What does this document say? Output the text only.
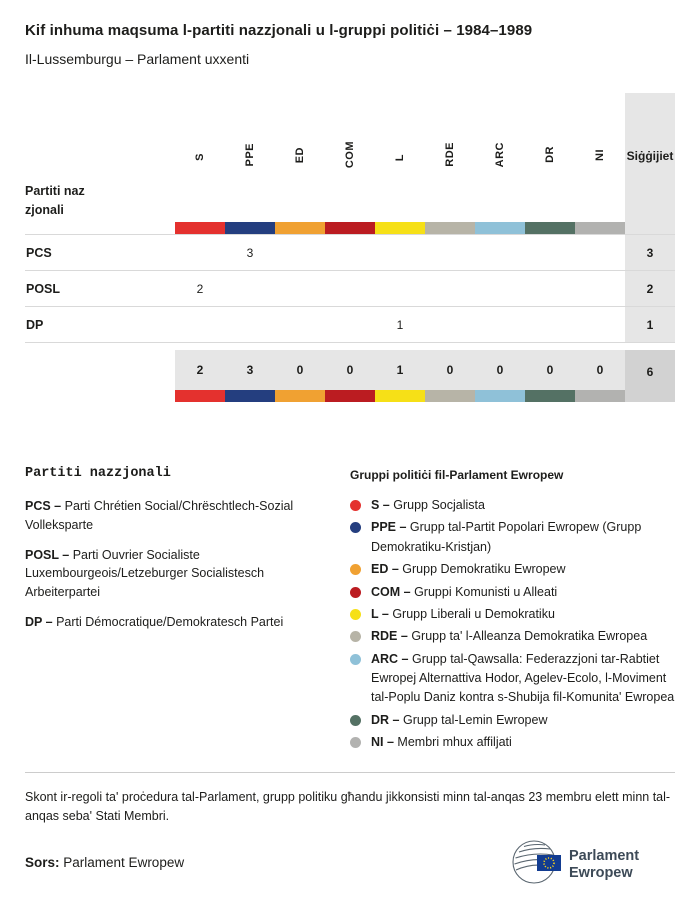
Kif inhuma maqsuma l-partiti nazzjonali u l-gruppi politiċi – 1984–1989
Il-Lussemburgu – Parlament uxxenti
Partiti nazzjonali	S	PPE	ED	COM	L	RDE	ARC	DR	NI	Siġġijiet

PCS		3								3
POSL	2									2
DP					1					1

	2	3	0	0	1	0	0	0	0	6

Partiti nazzjonali
PCS – Parti Chrétien Social/Chrëschtlech-Sozial Volleksparte
POSL – Parti Ouvrier Socialiste Luxembourgeois/Letzeburger Socialistesch Arbeiterpartei
DP – Parti Démocratique/Demokratesch Partei
Gruppi politiċi fil-Parlament Ewropew
S – Grupp Socjalista
PPE – Grupp tal-Partit Popolari Ewropew (Grupp Demokratiku-Kristjan)
ED – Grupp Demokratiku Ewropew
COM – Gruppi Komunisti u Alleati
L – Grupp Liberali u Demokratiku
RDE – Grupp ta' l-Alleanza Demokratika Ewropea
ARC – Grupp tal-Qawsalla: Federazzjoni tar-Rabtiet Ewropej Alternattiva Hodor, Agelev-Ecolo, l-Moviment tal-Poplu Daniz kontra s-Shubija fil-Komunita' Ewropea
DR – Grupp tal-Lemin Ewropew
NI – Membri mhux affiljati
Skont ir-regoli ta' proċedura tal-Parlament, grupp politiku għandu jikkonsisti minn tal-anqas 23 membru elett minn tal-anqas seba' Stati Membri.
Sors: Parlament Ewropew	Parlament
Ewropew
